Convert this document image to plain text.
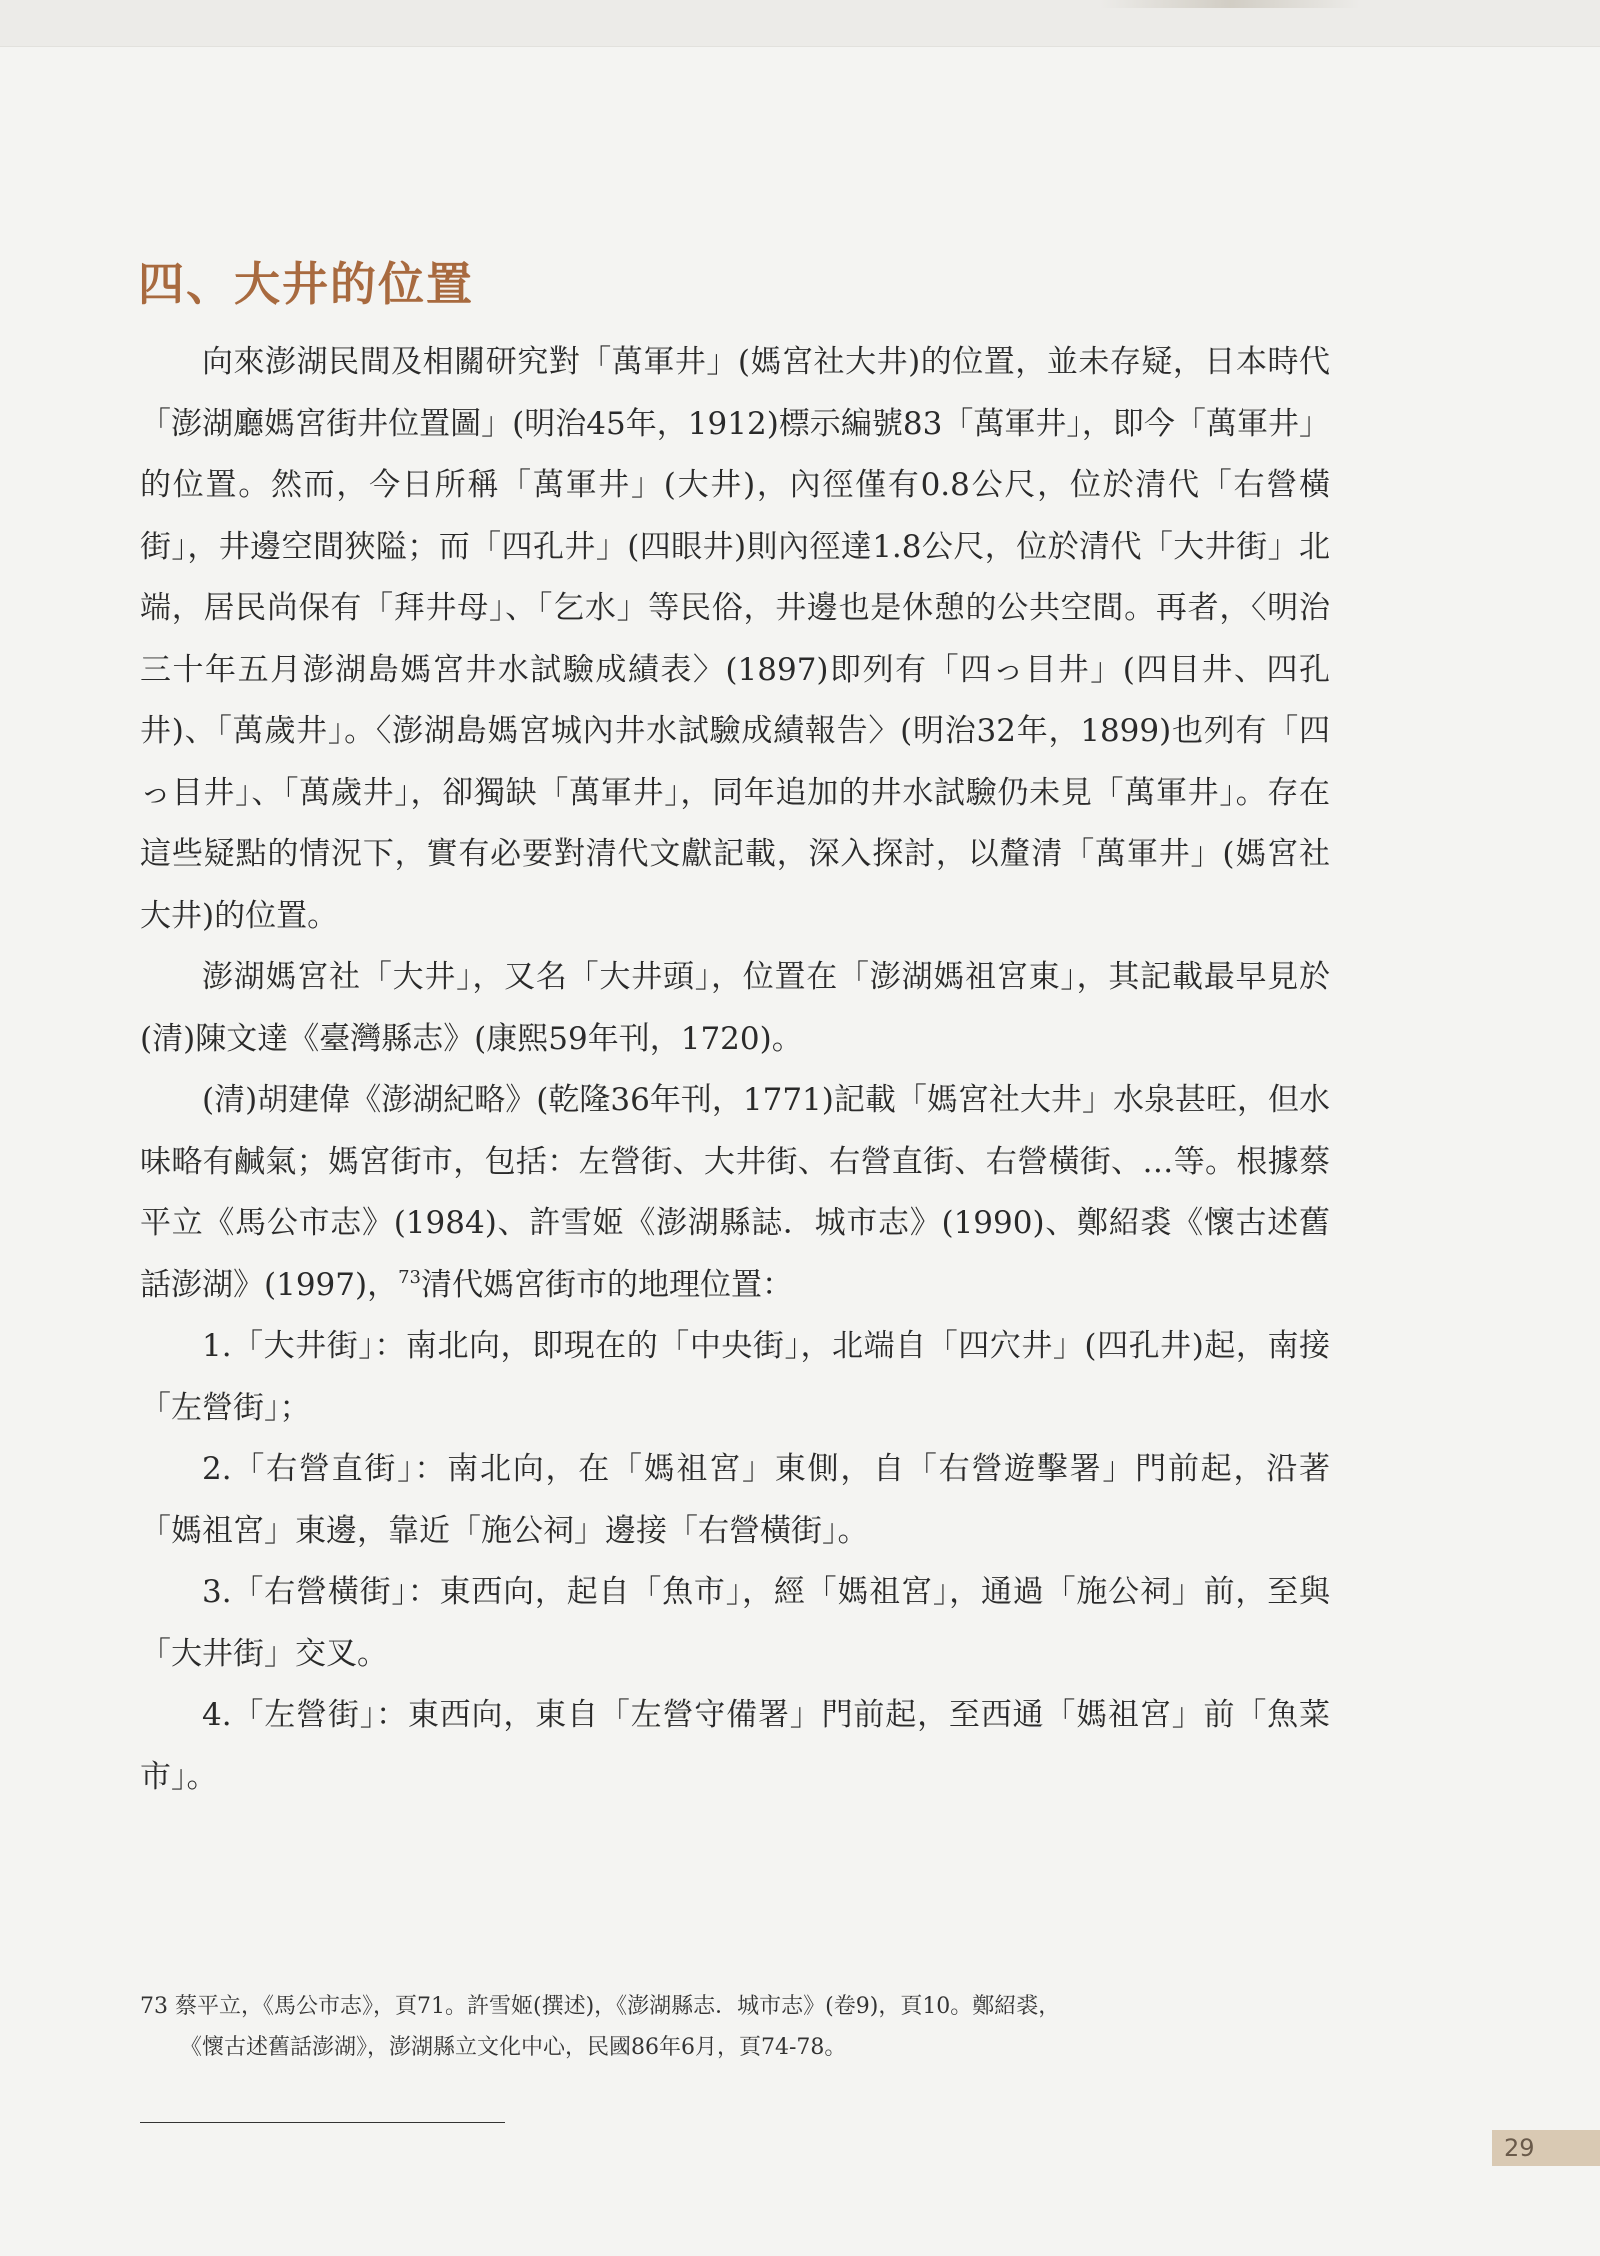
四、大井的位置

向來澎湖民間及相關研究對「萬軍井」(媽宮社大井)的位置，並未存疑，日本時代「澎湖廳媽宮街井位置圖」(明治45年，1912)標示編號83「萬軍井」，即今「萬軍井」的位置。然而，今日所稱「萬軍井」(大井)，內徑僅有0.8公尺，位於清代「右營橫街」，井邊空間狹隘；而「四孔井」(四眼井)則內徑達1.8公尺，位於清代「大井街」北端，居民尚保有「拜井母」、「乞水」等民俗，井邊也是休憩的公共空間。再者，〈明治三十年五月澎湖島媽宮井水試驗成績表〉(1897)即列有「四っ目井」(四目井、四孔井)、「萬歲井」。〈澎湖島媽宮城內井水試驗成績報告〉(明治32年，1899)也列有「四っ目井」、「萬歲井」，卻獨缺「萬軍井」，同年追加的井水試驗仍未見「萬軍井」。存在這些疑點的情況下，實有必要對清代文獻記載，深入探討，以釐清「萬軍井」(媽宮社大井)的位置。

澎湖媽宮社「大井」，又名「大井頭」，位置在「澎湖媽祖宮東」，其記載最早見於(清)陳文達《臺灣縣志》(康熙59年刊，1720)。

(清)胡建偉《澎湖紀略》(乾隆36年刊，1771)記載「媽宮社大井」水泉甚旺，但水味略有鹹氣；媽宮街市，包括：左營街、大井街、右營直街、右營橫街、…等。根據蔡平立《馬公市志》(1984)、許雪姬《澎湖縣誌．城市志》(1990)、鄭紹裘《懷古述舊話澎湖》(1997)，$^{73}$清代媽宮街市的地理位置：

1.「大井街」：南北向，即現在的「中央街」，北端自「四穴井」(四孔井)起，南接「左營街」；

2.「右營直街」：南北向，在「媽祖宮」東側，自「右營遊擊署」門前起，沿著「媽祖宮」東邊，靠近「施公祠」邊接「右營橫街」。

3.「右營橫街」：東西向，起自「魚市」，經「媽祖宮」，通過「施公祠」前，至與「大井街」交叉。

4.「左營街」：東西向，東自「左營守備署」門前起，至西通「媽祖宮」前「魚菜市」。

73 蔡平立，《馬公市志》，頁71。許雪姬(撰述)，《澎湖縣志．城市志》(卷9)，頁10。鄭紹裘，

《懷古述舊話澎湖》，澎湖縣立文化中心，民國86年6月，頁74-78。

29
